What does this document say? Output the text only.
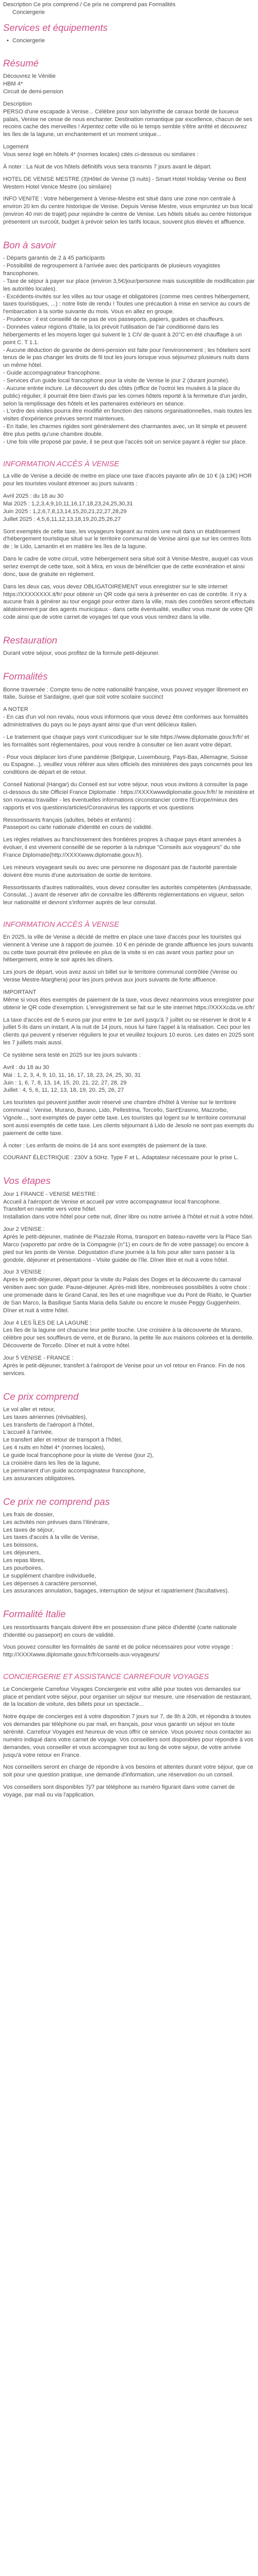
Description Ce prix comprend / Ce prix ne comprend pas Formalités
Conciergerie
Services et équipements
• Conciergerie
Résumé

Découvrez le Vénitie
HBM 4*
Circuit de demi-pension

Description

PERSO d'une escapade à Venise... Célèbre pour son labyrinthe de canaux bordé de luxueux palais, Venise ne cesse de nous enchanter. Destination romantique par excellence, chacun de ses recoins cache des merveilles ! Arpentez cette ville où le temps semble s'être arrêté et découvrez les îles de la lagune, un enchantement et un moment unique...

Logement

Vous serez logé en hôtels 4* (normes locales) cités ci-dessous ou similaires :

À noter : La Nuit de vos hôtels définitifs vous sera transmis 7 jours avant le départ.

HOTEL DE VENISE MESTRE (3)Hôtel de Venise (3 nuits) - Smart Hotel Holiday Venise ou Best Western Hotel Venice Mestre (ou similaire)

INFO VENITE : Votre hébergement à Venise-Mestre est situé dans une zone non centrale à environ 20 km du centre historique de Venise. Depuis Venise Mestre, vous empruntez un bus local (environ 40 min de trajet) pour rejoindre le centre de Venise. Les hôtels situés au centre historique présentent un surcoût, budget à prévoir selon les tarifs locaux, souvent plus élevés et affluence.

Bon à savoir

- Départs garantis de 2 à 45 participants
- Possibilité de regroupement à l'arrivée avec des participants de plusieurs voyagistes francophones.
- Taxe de séjour à payer sur place (environ 3,5€/jour/personne mais susceptible de modification par les autorités locales).
- Excédents-invités sur les villes au tour usage et obligatoires (comme mes centres hébergement, taxes touristiques, ...) : notre liste de rendu ! Toutes une précaution à mise en service au cours de l'embarcation à la sortie suivante du mois. Vous en allez en groupe.
- Prudence : il est conseillé de ne pas de vos passeports, papiers, guides et chauffeurs.
- Données valeur régions d'Italie, la loi prévoit l'utilisation de l'air conditionné dans les hébergements et les moyens loger qui suivent le 1 CIV de quant à 20°C en été chauffage à un point C. T 1.1.
- Aucune déduction de garantie de demi-pension est faite pour l'environnement ; les hôteliers sont tenus de le pas changer les droits de fil tout les jours lorsque vous séjournez plusieurs nuits dans un même hôtel.
- Guide accompagnateur francophone.
- Services d'un guide local francophone pour la visite de Venise le jour 2 (durant journée).
- Aucune entrée inclure. Le découvert du des côtés (office de l'octroi les musées à la place du public) régulier, il pourrait être bien d'avis par les cornes hôtels reporté à la fermeture d'un jardin, selon la remplissage des hôtels et les partenaires extérieurs en séance.
- L'ordre des visites pourra être modifié en fonction des raisons organisationnelles, mais toutes les visites d'expérience prévues seront maintenues.
- En Italie, les charmes rigides sont généralement des charmantes avec, un lit simple et peuvent être plus petits qu'une chambre double.
- Une fois ville proposé par pavie, il se peut que l'accès soit un service payant à régler sur place.

INFORMATION ACCÈS À VENISE

La ville de Venise a décidé de mettre en place une taxe d'accès payante afin de 10 € (à 13€) HOR pour les touristes voulant étrenner au jours suivants :

Avril 2025 : du 18 au 30
Mai 2025 : 1,2,3,4,9,10,11,16,17,18,23,24,25,30,31
Juin 2025 : 1,2,6,7,8,13,14,15,20,21,22,27,28,29
Juillet 2025 : 4,5,6,11,12,13,18,19,20,25,26,27

Sont exemptés de cette taxe, les voyageurs logeant au moins une nuit dans un établissement d'hébergement touristique situé sur le territoire communal de Venise ainsi que sur les centres îlots de ; le Lido, Lamantin et en matière les îles de la lagune.

Dans le cadre de votre circuit, votre hébergement sera situé soit à Venise-Mestre, auquel cas vous seriez exempt de cette taxe, soit à Mira, en vous de bénéficier que de cette exonération et ainsi donc, taxe de gratuite en règlement.

Dans les deux cas, vous devez OBLIGATOIREMENT vous enregistrer sur le site internet https://XXXXXXXX.it/fr/ pour obtenir un QR code qui sera à présenter en cas de contrôle. Il n'y a aucune frais à générer au tour engagé pour entrer dans la ville, mais des contrôles seront effectués aléatoirement par des agents municipaux - dans cette éventualité, veuillez vous munir de votre QR code ainsi que de votre carnet de voyages tel que vous vous rendrez dans la ville.

Restauration

Durant votre séjour, vous profitez de la formule petit-déjeuner.

Formalités

Bonne traversée : Compte tenu de notre nationalité française, vous pouvez voyager librement en Italie, Suisse et Sardaigne, quel que soit votre scolaire succinct

A NOTER

- En cas d'un vol non revalu, nous vous informons que vous devez être conformes aux formalités administratives du pays ou le pays ayant ainsi que d'un vent délicieux italien.

- Le traitement que chaque pays vont s'unicodiquer sur le site https://www.diplomatie.gouv.fr/fr/ et les formalités sont réglementaires, pour vous rendre à consulter ce lien avant votre départ.

- Pour vous déplacer lors d'une pandémie (Belgique, Luxembourg, Pays-Bas, Allemagne, Suisse ou Espagne...), veuillez vous référer aux sites officiels des ministères des pays concernés pour les conditions de départ et de retour.

Conseil National (Hangar) du Conseil est sur votre séjour, nous vous invitons à consulter la page ci-dessous du site Officiel France Diplomatie : https://XXXXwwwdiplomatie.gouv.fr/fr/ le ministère et son rouveau travailler - les éventuelles informations circonstancier contre l'Europe/mieux des rapports et vos questions/articles/Coronavirus les rapports et vos questions

Ressortissants français (adultes, bébés et enfants) :
Passeport ou carte nationale d'identité en cours de validité.

Les règles relatives au franchissement des frontières propres à chaque pays étant amenées à évoluer, il est vivement conseillé de se reporter à la rubrique "Conseils aux voyageurs" du site France Diplomatie(http://XXXXwww.diplomatie.gouv.fr).

Les mineurs voyageant seuls ou avec une personne ne disposant pas de l'autorité parentale doivent être munis d'une autorisation de sortie de territoire.

Ressortissants d'autres nationalités, vous devez consulter les autorités compétentes (Ambassade, Consulat...) avant de réserver afin de connaître les différents réglementations en vigueur, selon leur nationalité et devront s'informer auprès de leur consulat.

INFORMATION ACCÈS À VENISE

En 2025, la ville de Venise a décidé de mettre en place une taxe d'accès pour les touristes qui viennent à Venise une à rapport de journée. 10 € en période de grande affluence les jours suivants ou cette taxe pourrait être prélevée en plus de la visite si en cas avant vous partiez pour un hébergement, entre le soir après les dîners.

Les jours de départ, vous avez aussi un billet sur le territoire communal contrôlée (Venise ou Venise Mestre-Marghera) pour les jours prévus aux jours suivants de forte affluence.

IMPORTANT

Même si vous êtes exemptés de paiement de la taxe, vous devez néanmoins vous enregistrer pour obtenir le QR code d'exemption. L'enregistrement se fait sur le site internet https://XXXXcda.ve.it/fr/

La taxe d'accès est de 5 euros par jour entre le 1er avril jusqu'à 7 juillet ou se réserver le droit le 4 juillet 5 ils dans un instant. A la nuit de 14 jours, nous lui faire l'appel à la réalisation. Ceci pour les clients qui peuvent y réserver réguliers le jour et veuillez toujours 10 euros. Les dates en 2025 sont les 7 juillets mais aussi.

Ce système sera testé en 2025 sur les jours suivants :

Avril : du 18 au 30
Mai : 1, 2, 3, 4, 9, 10, 11, 16, 17, 18, 23, 24, 25, 30, 31
Juin : 1, 6, 7, 8, 13, 14, 15, 20, 21, 22, 27, 28, 29
Juillet : 4, 5, 6, 11, 12, 13, 18, 19, 20, 25, 26, 27

Les touristes qui peuvent justifier avoir réservé une chambre d'hôtel à Venise sur le territoire communal : Venise, Murano, Burano, Lido, Pellestrina, Torcello, Sant'Erasmo, Mazzorbo, Vignole..., sont exemptés de payer cette taxe. Les touristes qui logent sur le territoire communal sont aussi exemptés de cette taxe. Les clients séjournant à Lido de Jesolo ne sont pas exempts du paiement de cette taxe.

À noter : Les enfants de moins de 14 ans sont exemptés de paiement de la taxe.

COURANT ÉLECTRIQUE : 230V à 50Hz. Type F et L. Adaptateur nécessaire pour le prise L.

Vos étapes

Jour 1 FRANCE - VENISE MESTRE :
Accueil à l'aéroport de Venise et accueil par votre accompagnateur local francophone.
Transfert en navette vers votre hôtel.
Installation dans votre hôtel pour cette nuit, dîner libre ou notre arrivée à l'hôtel et nuit à votre hôtel.

Jour 2 VENISE :
Après le petit-déjeuner, matinée de Piazzale Roma, transport en bateau-navette vers la Place San Marco (vaporetto par ordre de la Compagnie (n°1) en cours de fin de votre passage) ou encore à pied sur les ponts de Venise. Dégustation d'une journée à la fois pour aller sans passer à la gondole, déjeuner et présentations - Visite guidée de l'île. Dîner libre et nuit à votre hôtel.

Jour 3 VENISE :
Après le petit-déjeuner, départ pour la visite du Palais des Doges et la découverte du carnaval vénitien avec son guide. Pause-déjeuner. Après-midi libre, nombreuses possibilités à votre choix : une promenade dans le Grand Canal, les îles et une magnifique vue du Pont de Rialto, le Quartier de San Marco, la Basilique Santa Maria della Salute ou encore le musée Peggy Guggenheim. Dîner et nuit à votre hôtel.

Jour 4 LES ÎLES DE LA LAGUNE :
Les îles de la lagune ont chacune leur petite touche. Une croisière à la découverte de Murano, célèbre pour ses souffleurs de verre, et de Burano, la petite île aux maisons colorées et la dentelle. Découverte de Torcello. Dîner et nuit à votre hôtel.

Jour 5 VENISE - FRANCE :
Après le petit-déjeuner, transfert à l'aéroport de Venise pour un vol retour en France. Fin de nos services.

Ce prix comprend

Le vol aller et retour,
Les taxes aériennes (révisables),
Les transferts de l'aéroport à l'hôtel,
L'accueil à l'arrivée,
Le transfert aller et retour de transport à l'hôtel,
Les 4 nuits en hôtel 4* (normes locales),
Le guide local francophone pour la visite de Venise (jour 2),
La croisière dans les îles de la lagune,
Le permanent d'un guide accompagnateur francophone,
Les assurances obligatoires.

Ce prix ne comprend pas

Les frais de dossier,
Les activités non prévues dans l'itinéraire,
Les taxes de séjour,
Les taxes d'accès à la ville de Venise,
Les boissons,
Les déjeuners,
Les repas libres,
Les pourboires,
Le supplément chambre individuelle,
Les dépenses à caractère personnel,
Les assurances annulation, bagages, interruption de séjour et rapatriement (facultatives).

Formalité Italie

Les ressortissants français doivent être en possession d'une pièce d'identité (carte nationale d'identité ou passeport) en cours de validité.

Vous pouvez consulter les formalités de santé et de police nécessaires pour votre voyage : http://XXXXwww.diplomatie.gouv.fr/fr/conseils-aux-voyageurs/

CONCIERGERIE ET ASSISTANCE CARREFOUR VOYAGES

Le Conciergerie Carrefour Voyages Conciergerie est votre allié pour toutes vos demandes sur place et pendant votre séjour, pour organiser un séjour sur mesure, une réservation de restaurant, de la location de voiture, des billets pour un spectacle...

Notre équipe de concierges est à votre disposition 7 jours sur 7, de 8h à 20h, et répondra à toutes vos demandes par téléphone ou par mail, en français, pour vous garantir un séjour en toute sérénité. Carrefour Voyages est heureux de vous offrir ce service. Vous pouvez nous contacter au numéro indiqué dans votre carnet de voyage. Vos conseillers sont disponibles pour répondre à vos demandes, vous conseiller et vous accompagner tout au long de votre séjour, de votre arrivée jusqu'à votre retour en France.

Nos conseillers seront en charge de répondre à vos besoins et attentes durant votre séjour, que ce soit pour une question pratique, une demande d'information, une réservation ou un conseil.

Vos conseillers sont disponibles 7j/7 par téléphone au numéro figurant dans votre carnet de voyage, par mail ou via l'application.
